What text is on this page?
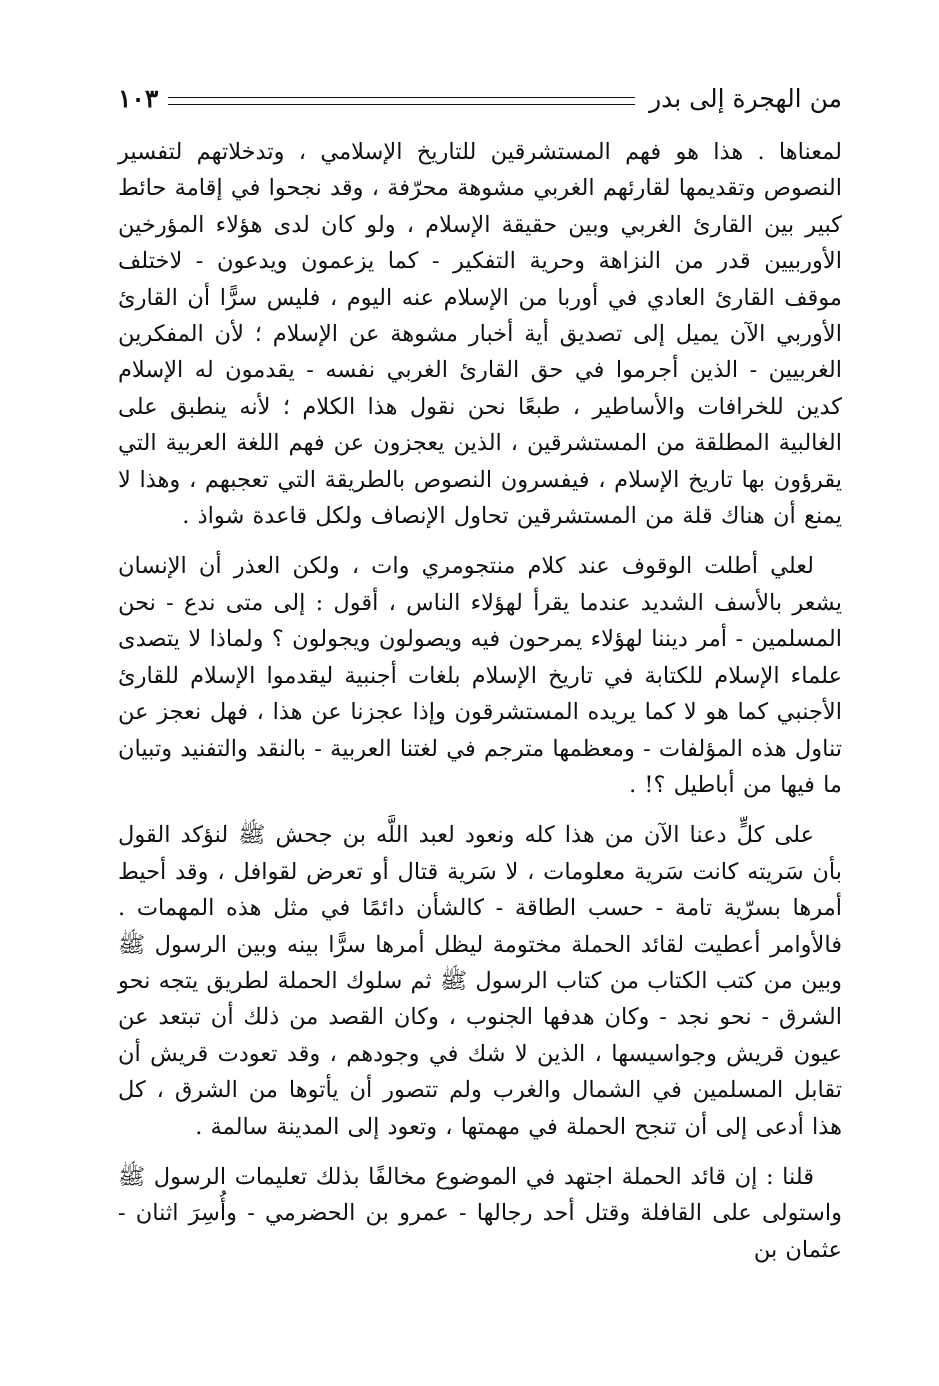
من الهجرة إلى بدر
١٠٣

لمعناها . هذا هو فهم المستشرقين للتاريخ الإسلامي ، وتدخلاتهم لتفسير النصوص وتقديمها لقارئهم الغربي مشوهة محرّفة ، وقد نجحوا في إقامة حائط كبير بين القارئ الغربي وبين حقيقة الإسلام ، ولو كان لدى هؤلاء المؤرخين الأوربيين قدر من النزاهة وحرية التفكير - كما يزعمون ويدعون - لاختلف موقف القارئ العادي في أوربا من الإسلام عنه اليوم ، فليس سرًّا أن القارئ الأوربي الآن يميل إلى تصديق أية أخبار مشوهة عن الإسلام ؛ لأن المفكرين الغربيين - الذين أجرموا في حق القارئ الغربي نفسه - يقدمون له الإسلام كدين للخرافات والأساطير ، طبعًا نحن نقول هذا الكلام ؛ لأنه ينطبق على الغالبية المطلقة من المستشرقين ، الذين يعجزون عن فهم اللغة العربية التي يقرؤون بها تاريخ الإسلام ، فيفسرون النصوص بالطريقة التي تعجبهم ، وهذا لا يمنع أن هناك قلة من المستشرقين تحاول الإنصاف ولكل قاعدة شواذ .

لعلي أطلت الوقوف عند كلام منتجومري وات ، ولكن العذر أن الإنسان يشعر بالأسف الشديد عندما يقرأ لهؤلاء الناس ، أقول : إلى متى ندع - نحن المسلمين - أمر ديننا لهؤلاء يمرحون فيه ويصولون ويجولون ؟ ولماذا لا يتصدى علماء الإسلام للكتابة في تاريخ الإسلام بلغات أجنبية ليقدموا الإسلام للقارئ الأجنبي كما هو لا كما يريده المستشرقون وإذا عجزنا عن هذا ، فهل نعجز عن تناول هذه المؤلفات - ومعظمها مترجم في لغتنا العربية - بالنقد والتفنيد وتبيان ما فيها من أباطيل ؟! .

على كلٍّ دعنا الآن من هذا كله ونعود لعبد اللَّه بن جحش ﷺ لنؤكد القول بأن سَريته كانت سَرية معلومات ، لا سَرية قتال أو تعرض لقوافل ، وقد أحيط أمرها بسرّية تامة - حسب الطاقة - كالشأن دائمًا في مثل هذه المهمات . فالأوامر أعطيت لقائد الحملة مختومة ليظل أمرها سرًّا بينه وبين الرسول ﷺ وبين من كتب الكتاب من كتاب الرسول ﷺ ثم سلوك الحملة لطريق يتجه نحو الشرق - نحو نجد - وكان هدفها الجنوب ، وكان القصد من ذلك أن تبتعد عن عيون قريش وجواسيسها ، الذين لا شك في وجودهم ، وقد تعودت قريش أن تقابل المسلمين في الشمال والغرب ولم تتصور أن يأتوها من الشرق ، كل هذا أدعى إلى أن تنجح الحملة في مهمتها ، وتعود إلى المدينة سالمة .

قلنا : إن قائد الحملة اجتهد في الموضوع مخالفًا بذلك تعليمات الرسول ﷺ واستولى على القافلة وقتل أحد رجالها - عمرو بن الحضرمي - وأُسِرَ اثنان - عثمان بن
